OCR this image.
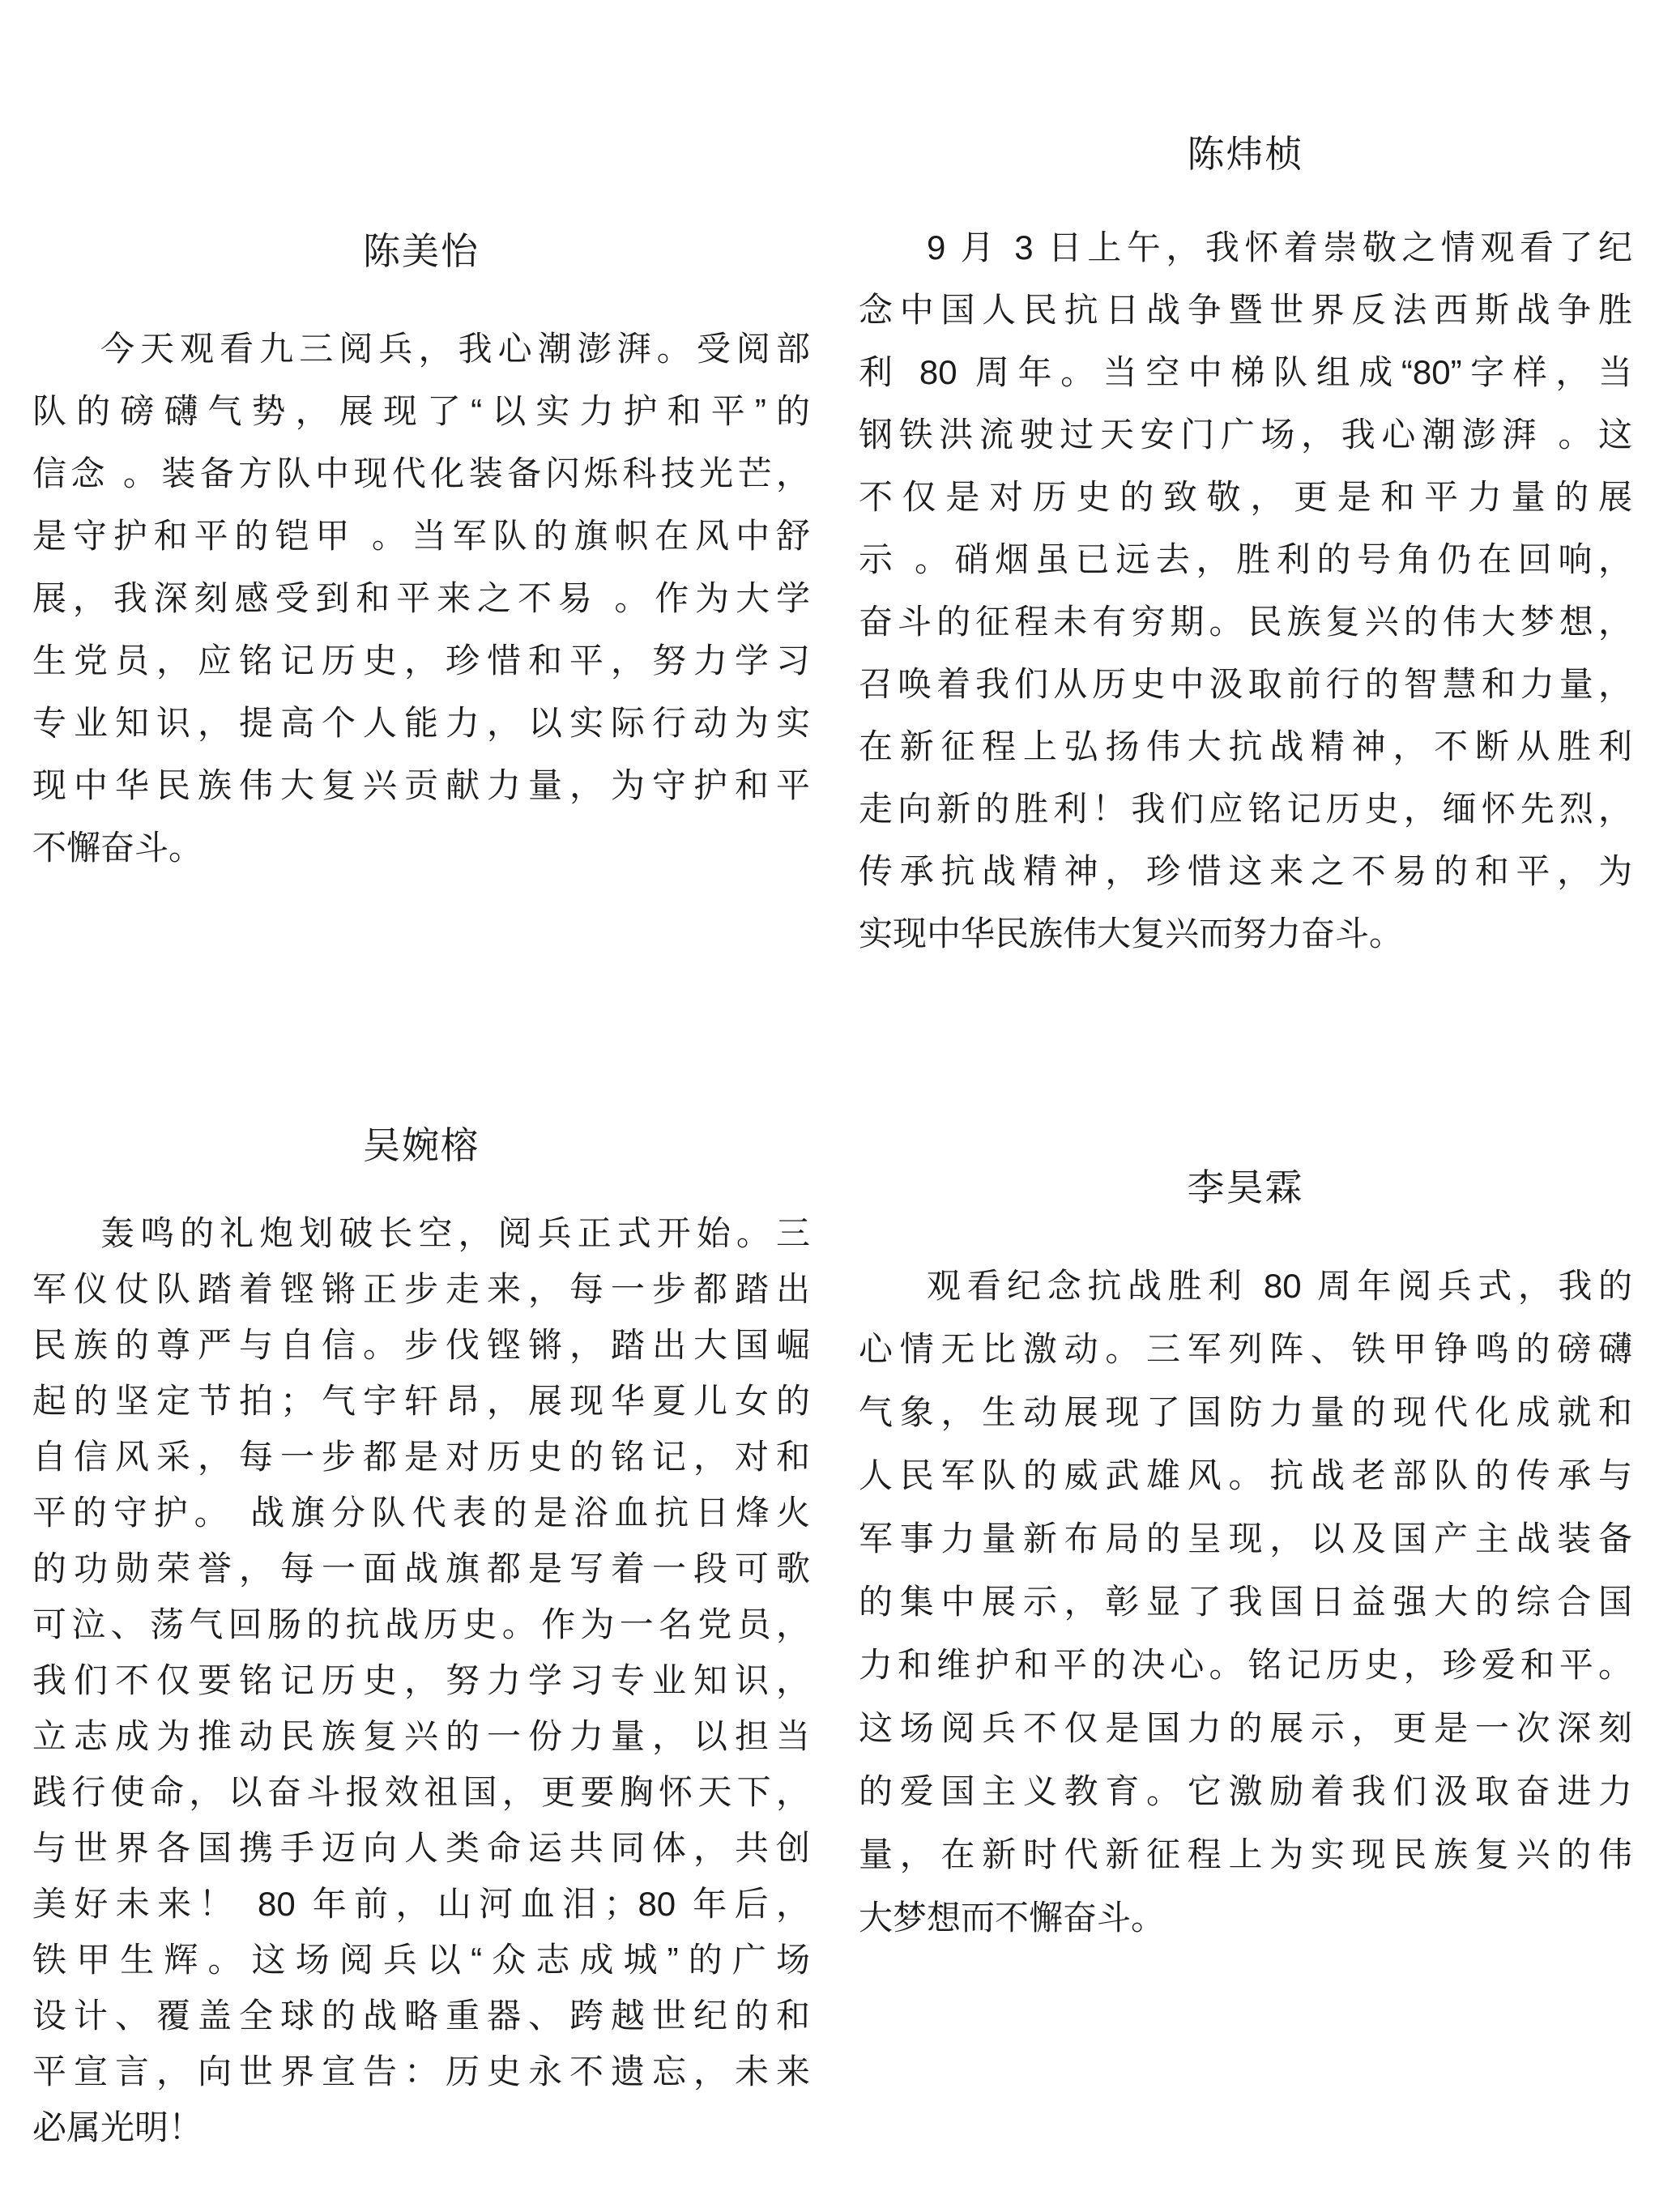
陈美怡
今天观看九三阅兵，我心潮澎湃。受阅部
队的磅礴气势，展现了“以实力护和平”的
信念 。装备方队中现代化装备闪烁科技光芒，
是守护和平的铠甲 。当军队的旗帜在风中舒
展，我深刻感受到和平来之不易 。作为大学
生党员，应铭记历史，珍惜和平，努力学习
专业知识，提高个人能力，以实际行动为实
现中华民族伟大复兴贡献力量，为守护和平
不懈奋斗。
陈炜桢
9 月 3 日上午，我怀着崇敬之情观看了纪
念中国人民抗日战争暨世界反法西斯战争胜
利 80 周年。当空中梯队组成“80”字样，当
钢铁洪流驶过天安门广场，我心潮澎湃 。这
不仅是对历史的致敬，更是和平力量的展
示 。硝烟虽已远去，胜利的号角仍在回响，
奋斗的征程未有穷期。民族复兴的伟大梦想，
召唤着我们从历史中汲取前行的智慧和力量，
在新征程上弘扬伟大抗战精神，不断从胜利
走向新的胜利！我们应铭记历史，缅怀先烈，
传承抗战精神，珍惜这来之不易的和平，为
实现中华民族伟大复兴而努力奋斗。
吴婉榕
轰鸣的礼炮划破长空，阅兵正式开始。三
军仪仗队踏着铿锵正步走来，每一步都踏出
民族的尊严与自信。步伐铿锵，踏出大国崛
起的坚定节拍；气宇轩昂，展现华夏儿女的
自信风采，每一步都是对历史的铭记，对和
平的守护。 战旗分队代表的是浴血抗日烽火
的功勋荣誉，每一面战旗都是写着一段可歌
可泣、荡气回肠的抗战历史。作为一名党员，
我们不仅要铭记历史，努力学习专业知识，
立志成为推动民族复兴的一份力量，以担当
践行使命，以奋斗报效祖国，更要胸怀天下，
与世界各国携手迈向人类命运共同体，共创
美好未来！ 80 年前，山河血泪；80 年后，
铁甲生辉。这场阅兵以“众志成城”的广场
设计、覆盖全球的战略重器、跨越世纪的和
平宣言，向世界宣告：历史永不遗忘，未来
必属光明！
李昊霖
观看纪念抗战胜利 80 周年阅兵式，我的
心情无比激动。三军列阵、铁甲铮鸣的磅礴
气象，生动展现了国防力量的现代化成就和
人民军队的威武雄风。抗战老部队的传承与
军事力量新布局的呈现，以及国产主战装备
的集中展示，彰显了我国日益强大的综合国
力和维护和平的决心。铭记历史，珍爱和平。
这场阅兵不仅是国力的展示，更是一次深刻
的爱国主义教育。它激励着我们汲取奋进力
量，在新时代新征程上为实现民族复兴的伟
大梦想而不懈奋斗。
